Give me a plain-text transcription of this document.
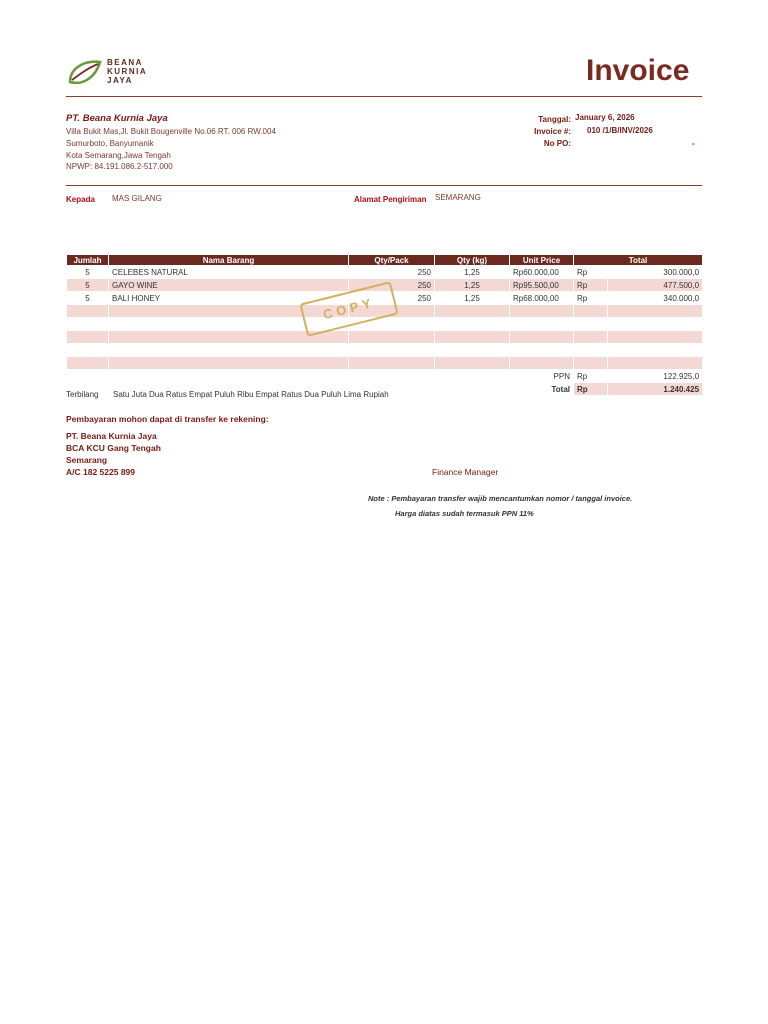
BEANA
KURNIA
JAYA	Invoice
PT. Beana Kurnia Jaya
Villa Bukit Mas,Jl. Bukit Bougenville No.06 RT. 006 RW.004
Sumurboto, Banyumanik
Kota Semarang,Jawa Tengah
NPWP: 84.191.086.2-517.000
Tanggal: January 6, 2026
Invoice #: 010 /1/B/INV/2026
No PO:	-
Kepada MAS GILANG	Alamat Pengiriman SEMARANG
Jumlah	Nama Barang	Qty/Pack	Qty (kg)	Unit Price	Total	
5	CELEBES NATURAL	250	1,25	Rp60.000,00	Rp	300.000,0
5	GAYO WINE	250	1,25	Rp95.500,00	Rp	477.500,0
5	BALI HONEY	250	1,25	Rp68.000,00	Rp	340.000,0

PPN					Rp	122.925,0
Total					Rp	1.240.425
COPY
Terbilang Satu Juta Dua Ratus Empat Puluh Ribu Empat Ratus Dua Puluh Lima Rupiah
Pembayaran mohon dapat di transfer ke rekening:
PT. Beana Kurnia Jaya
BCA KCU Gang Tengah
Semarang
A/C 182 5225 899	Finance Manager
Note : Pembayaran transfer wajib mencantumkan nomor / tanggal invoice.
Harga diatas sudah termasuk PPN 11%
